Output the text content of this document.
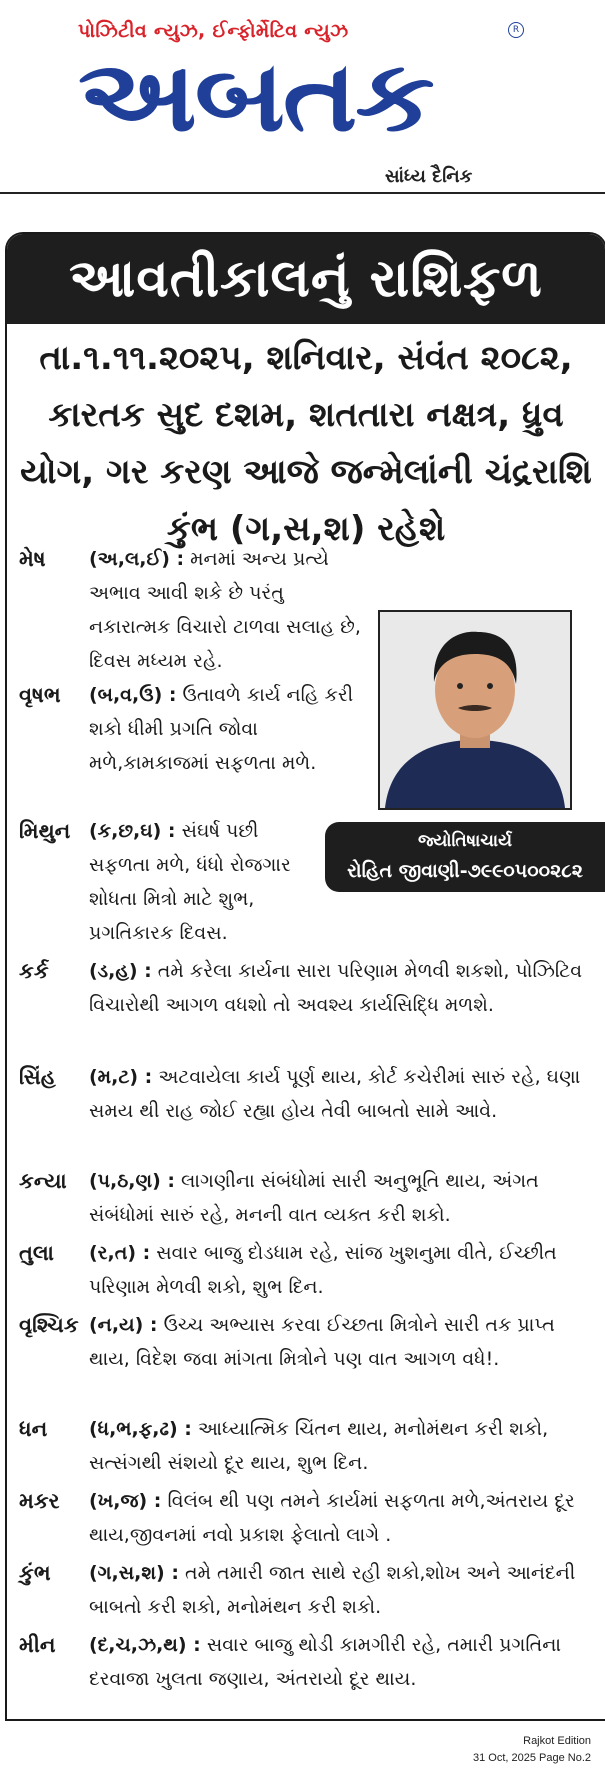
પોઝિટીવ ન્યુઝ, ઈન્ફોર્મેટિવ ન્યુઝ	R
અબતક
સાંધ્ય દૈનિક
આવતીકાલનું રાશિફળ
તા.૧.૧૧.૨૦૨૫, શનિવાર, સંવંત ૨૦૮૨, કારતક સુદ દશમ, શતતારા નક્ષત્ર, ધ્રુવ યોગ, ગર કરણ આજે જન્મેલાંની ચંદ્રરાશિ કુંભ (ગ,સ,શ) રહેશે
જ્યોતિષાચાર્ય
રોહિત જીવાણી-૭૯૯૦૫૦૦૨૮૨
મેષ (અ,લ,ઈ) : મનમાં અન્ય પ્રત્યે અભાવ આવી શકે છે પરંતુ નકારાત્મક વિચારો ટાળવા સલાહ છે, દિવસ મધ્યમ રહે.
વૃષભ (બ,વ,ઉ) : ઉતાવળે કાર્ય નહિ કરી શકો ધીમી પ્રગતિ જોવા મળે,કામકાજમાં સફળતા મળે.
મિથુન (ક,છ,ઘ) : સંઘર્ષ પછી સફળતા મળે, ધંધો રોજગાર શોધતા મિત્રો માટે શુભ, પ્રગતિકારક દિવસ.
કર્ક (ડ,હ) : તમે કરેલા કાર્યના સારા પરિણામ મેળવી શકશો, પોઝિટિવ વિચારોથી આગળ વધશો તો અવશ્ય કાર્યસિદ્ધિ મળશે.
સિંહ (મ,ટ) : અટવાયેલા કાર્ય પૂર્ણ થાય, કોર્ટ કચેરીમાં સારું રહે, ઘણા સમય થી રાહ જોઈ રહ્યા હોય તેવી બાબતો સામે આવે.
કન્યા (પ,ઠ,ણ) : લાગણીના સંબંધોમાં સારી અનુભૂતિ થાય, અંગત સંબંધોમાં સારું રહે, મનની વાત વ્યક્ત કરી શકો.
તુલા (ર,ત) : સવાર બાજુ દોડધામ રહે, સાંજ ખુશનુમા વીતે, ઈચ્છીત પરિણામ મેળવી શકો, શુભ દિન.
વૃશ્ચિક (ન,ય) : ઉચ્ચ અભ્યાસ કરવા ઈચ્છતા મિત્રોને સારી તક પ્રાપ્ત થાય, વિદેશ જવા માંગતા મિત્રોને પણ વાત આગળ વધે!.
ધન (ધ,ભ,ફ,ઢ) : આધ્યાત્મિક ચિંતન થાય, મનોમંથન કરી શકો, સત્સંગથી સંશયો દૂર થાય, શુભ દિન.
મકર (ખ,જ) : વિલંબ થી પણ તમને કાર્યમાં સફળતા મળે,અંતરાય દૂર થાય,જીવનમાં નવો પ્રકાશ ફેલાતો લાગે .
કુંભ (ગ,સ,શ) : તમે તમારી જાત સાથે રહી શકો,શોખ અને આનંદની બાબતો કરી શકો, મનોમંથન કરી શકો.
મીન (દ,ચ,ઝ,થ) : સવાર બાજુ થોડી કામગીરી રહે, તમારી પ્રગતિના દરવાજા ખુલતા જણાય, અંતરાયો દૂર થાય.
Rajkot Edition
31 Oct, 2025 Page No.2
